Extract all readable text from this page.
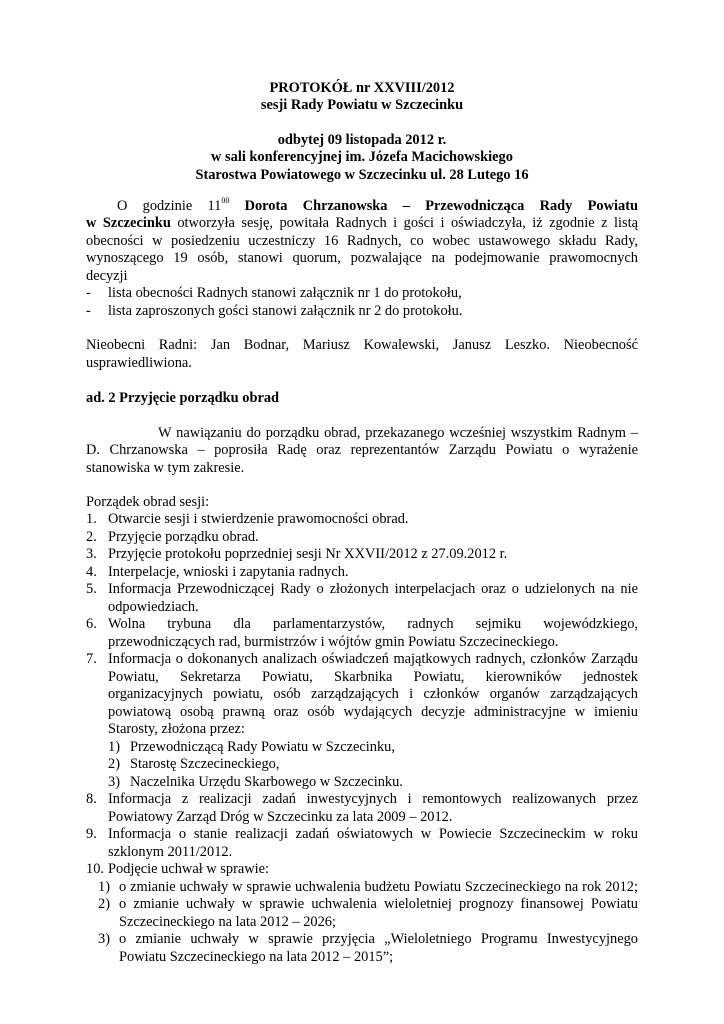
PROTOKÓŁ nr XXVIII/2012
sesji Rady Powiatu w Szczecinku
odbytej 09 listopada 2012 r.
w sali konferencyjnej im. Józefa Macichowskiego
Starostwa Powiatowego w Szczecinku ul. 28 Lutego 16
O godzinie $11^{00}$ Dorota Chrzanowska – Przewodnicząca Rady Powiatu
w Szczecinku otworzyła sesję, powitała Radnych i gości i oświadczyła, iż zgodnie z listą
obecności w posiedzeniu uczestniczy 16 Radnych, co wobec ustawowego składu Rady,
wynoszącego 19 osób, stanowi quorum, pozwalające na podejmowanie prawomocnych
decyzji
- lista obecności Radnych stanowi załącznik nr 1 do protokołu,
- lista zaproszonych gości stanowi załącznik nr 2 do protokołu.
Nieobecni Radni: Jan Bodnar, Mariusz Kowalewski, Janusz Leszko. Nieobecność
usprawiedliwiona.
ad. 2 Przyjęcie porządku obrad
W nawiązaniu do porządku obrad, przekazanego wcześniej wszystkim Radnym –
D. Chrzanowska – poprosiła Radę oraz reprezentantów Zarządu Powiatu o wyrażenie
stanowiska w tym zakresie.
Porządek obrad sesji:
1. Otwarcie sesji i stwierdzenie prawomocności obrad.
2. Przyjęcie porządku obrad.
3. Przyjęcie protokołu poprzedniej sesji Nr XXVII/2012 z 27.09.2012 r.
4. Interpelacje, wnioski i zapytania radnych.
5. Informacja Przewodniczącej Rady o złożonych interpelacjach oraz o udzielonych na nie
odpowiedziach.
6. Wolna trybuna dla parlamentarzystów, radnych sejmiku wojewódzkiego,
przewodniczących rad, burmistrzów i wójtów gmin Powiatu Szczecineckiego.
7. Informacja o dokonanych analizach oświadczeń majątkowych radnych, członków Zarządu
Powiatu, Sekretarza Powiatu, Skarbnika Powiatu, kierowników jednostek
organizacyjnych powiatu, osób zarządzających i członków organów zarządzających
powiatową osobą prawną oraz osób wydających decyzje administracyjne w imieniu
Starosty, złożona przez:
1) Przewodniczącą Rady Powiatu w Szczecinku,
2) Starostę Szczecineckiego,
3) Naczelnika Urzędu Skarbowego w Szczecinku.
8. Informacja z realizacji zadań inwestycyjnych i remontowych realizowanych przez
Powiatowy Zarząd Dróg w Szczecinku za lata 2009 – 2012.
9. Informacja o stanie realizacji zadań oświatowych w Powiecie Szczecineckim w roku
szklonym 2011/2012.
10. Podjęcie uchwał w sprawie:
1) o zmianie uchwały w sprawie uchwalenia budżetu Powiatu Szczecineckiego na rok 2012;
2) o zmianie uchwały w sprawie uchwalenia wieloletniej prognozy finansowej Powiatu
Szczecineckiego na lata 2012 – 2026;
3) o zmianie uchwały w sprawie przyjęcia „Wieloletniego Programu Inwestycyjnego
Powiatu Szczecineckiego na lata 2012 – 2015”;
